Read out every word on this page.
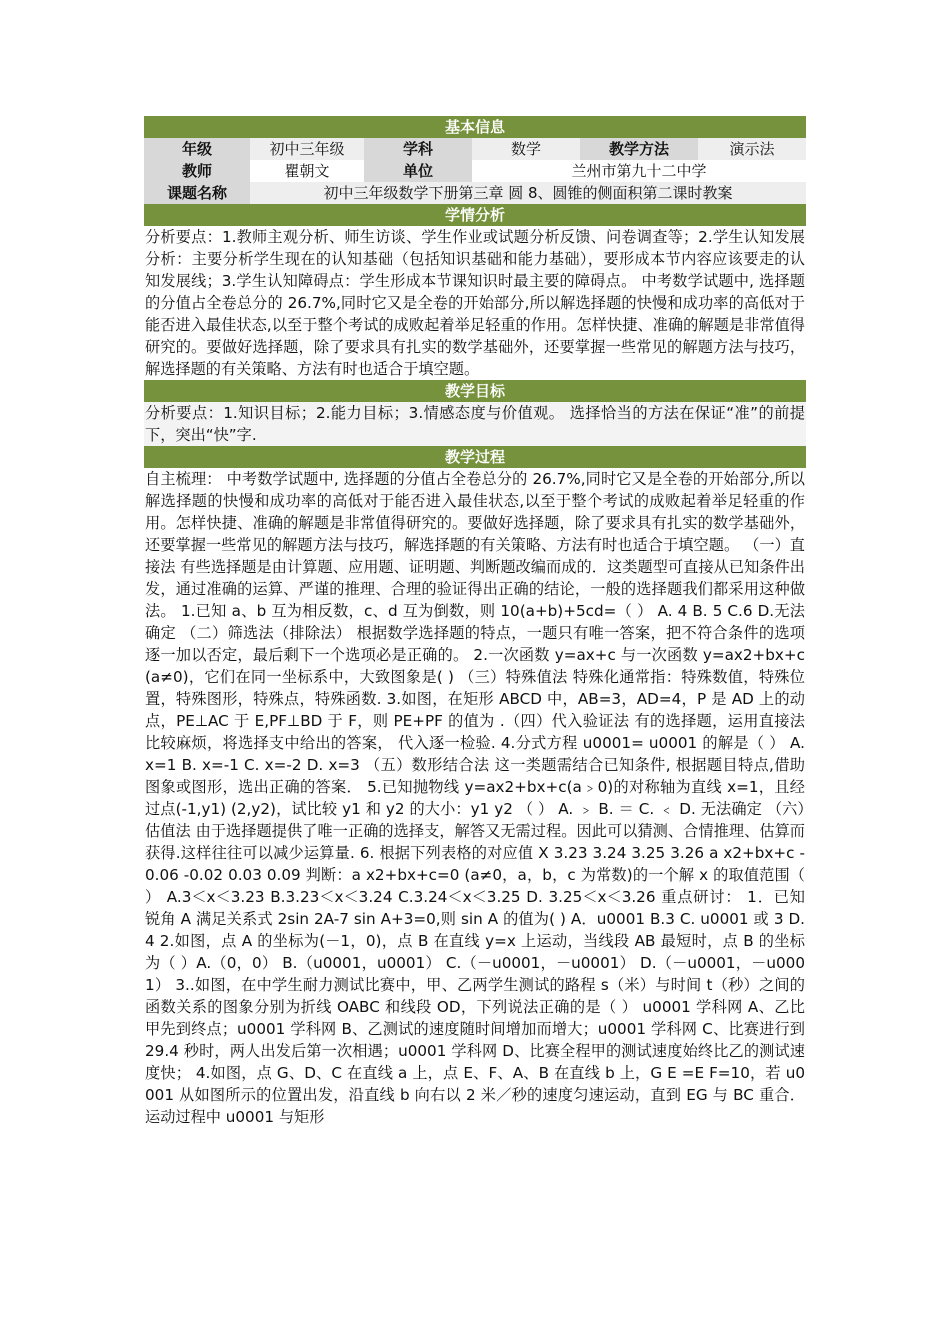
基本信息
年级	初中三年级	学科	数学	教学方法	演示法
教师	瞿朝文	单位	兰州市第九十二中学		
课题名称	初中三年级数学下册第三章 圆 8、圆锥的侧面积第二课时教案				
学情分析
分析要点：1.教师主观分析、师生访谈、学生作业或试题分析反馈、问卷调查等；2.学生认知发展分析：主要分析学生现在的认知基础（包括知识基础和能力基础），要形成本节内容应该要走的认知发展线；3.学生认知障碍点：学生形成本节课知识时最主要的障碍点。 中考数学试题中, 选择题的分值占全卷总分的 26.7%,同时它又是全卷的开始部分,所以解选择题的快慢和成功率的高低对于能否进入最佳状态,以至于整个考试的成败起着举足轻重的作用。怎样快捷、准确的解题是非常值得研究的。要做好选择题，除了要求具有扎实的数学基础外，还要掌握一些常见的解题方法与技巧，解选择题的有关策略、方法有时也适合于填空题。
教学目标
分析要点：1.知识目标；2.能力目标；3.情感态度与价值观。 选择恰当的方法在保证“准”的前提下，突出“快”字.
教学过程
自主梳理： 中考数学试题中, 选择题的分值占全卷总分的 26.7%,同时它又是全卷的开始部分,所以解选择题的快慢和成功率的高低对于能否进入最佳状态,以至于整个考试的成败起着举足轻重的作用。怎样快捷、准确的解题是非常值得研究的。要做好选择题，除了要求具有扎实的数学基础外，还要掌握一些常见的解题方法与技巧，解选择题的有关策略、方法有时也适合于填空题。 （一）直接法 有些选择题是由计算题、应用题、证明题、判断题改编而成的．这类题型可直接从已知条件出发，通过准确的运算、严谨的推理、合理的验证得出正确的结论，一般的选择题我们都采用这种做法。 1.已知 a、b 互为相反数，c、d 互为倒数，则 10(a+b)+5cd=（ ） A. 4 B. 5 C.6 D.无法确定 （二）筛选法（排除法） 根据数学选择题的特点，一题只有唯一答案，把不符合条件的选项逐一加以否定，最后剩下一个选项必是正确的。 2.一次函数 y=ax+c 与一次函数 y=ax2+bx+c(a≠0)，它们在同一坐标系中，大致图象是( ) （三）特殊值法 特殊化通常指：特殊数值，特殊位置，特殊图形，特殊点，特殊函数. 3.如图，在矩形 ABCD 中，AB=3，AD=4，P 是 AD 上的动点，PE⊥AC 于 E,PF⊥BD 于 F，则 PE+PF 的值为 .（四）代入验证法 有的选择题，运用直接法比较麻烦，将选择支中给出的答案， 代入逐一检验. 4.分式方程 u0001= u0001 的解是（ ） A. x=1 B. x=-1 C. x=-2 D. x=3 （五）数形结合法 这一类题需结合已知条件, 根据题目特点,借助图象或图形，选出正确的答案． 5.已知抛物线 y=ax2+bx+c(a﹥0)的对称轴为直线 x=1，且经过点(-1,y1) (2,y2)，试比较 y1 和 y2 的大小：y1 y2 （ ） A. ﹥ B. ＝ C. ﹤ D. 无法确定 （六）估值法 由于选择题提供了唯一正确的选择支，解答又无需过程。因此可以猜测、合情推理、估算而获得.这样往往可以减少运算量. 6. 根据下列表格的对应值 X 3.23 3.24 3.25 3.26 a x2+bx+c -0.06 -0.02 0.03 0.09 判断：a x2+bx+c=0 (a≠0，a，b，c 为常数)的一个解 x 的取值范围（ ） A.3＜x＜3.23 B.3.23＜x＜3.24 C.3.24＜x＜3.25 D. 3.25＜x＜3.26 重点研讨： 1．已知锐角 A 满足关系式 2sin 2A-7 sin A+3=0,则 sin A 的值为( ) A．u0001 B.3 C. u0001 或 3 D.4 2.如图，点 A 的坐标为(－1，0)，点 B 在直线 y=x 上运动，当线段 AB 最短时，点 B 的坐标为（ ）A.（0，0） B.（u0001，u0001） C.（－u0001，－u0001） D.（－u0001，－u0001） 3..如图，在中学生耐力测试比赛中，甲、乙两学生测试的路程 s（米）与时间 t（秒）之间的函数关系的图象分别为折线 OABC 和线段 OD，下列说法正确的是（ ） u0001 学科网 A、乙比甲先到终点；u0001 学科网 B、乙测试的速度随时间增加而增大；u0001 学科网 C、比赛进行到 29.4 秒时，两人出发后第一次相遇；u0001 学科网 D、比赛全程甲的测试速度始终比乙的测试速度快； 4.如图，点 G、D、C 在直线 a 上，点 E、F、A、B 在直线 b 上，G E =E F=10，若 u0001 从如图所示的位置出发，沿直线 b 向右以 2 米／秒的速度匀速运动，直到 EG 与 BC 重合．运动过程中 u0001 与矩形
